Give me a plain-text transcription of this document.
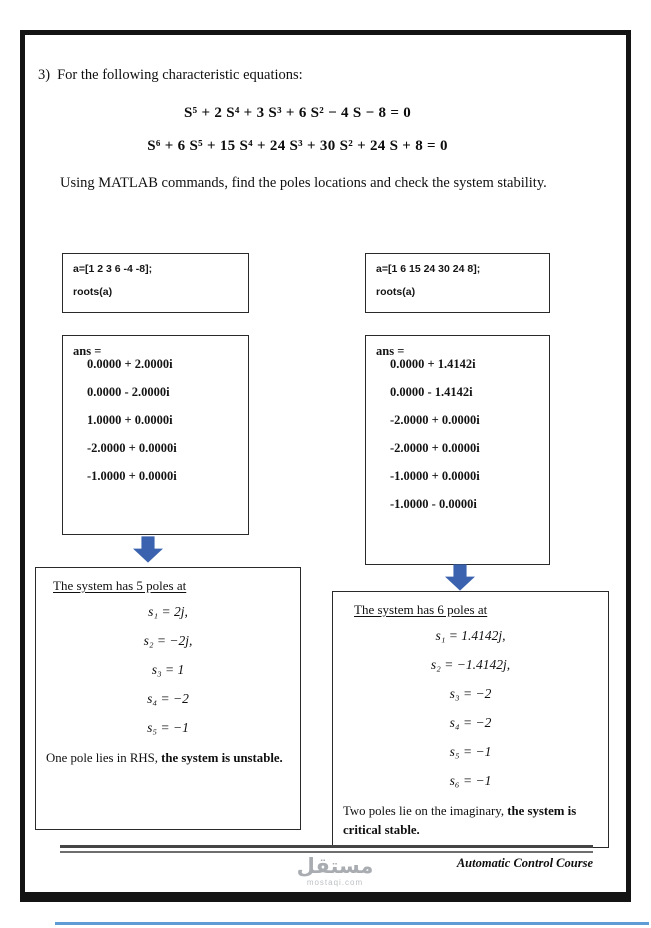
3) For the following characteristic equations:
S⁵ + 2 S⁴ + 3 S³ + 6 S² − 4 S − 8 = 0
S⁶ + 6 S⁵ + 15 S⁴ + 24 S³ + 30 S² + 24 S + 8 = 0

Using MATLAB commands, find the poles locations and check the system stability.

a=[1 2 3 6 -4 -8];
roots(a)
a=[1 6 15 24 30 24 8];
roots(a)
ans =
0.0000 + 2.0000i
0.0000 - 2.0000i
1.0000 + 0.0000i
-2.0000 + 0.0000i
-1.0000 + 0.0000i
ans =
0.0000 + 1.4142i
0.0000 - 1.4142i
-2.0000 + 0.0000i
-2.0000 + 0.0000i
-1.0000 + 0.0000i
-1.0000 - 0.0000i
The system has 5 poles at
s₁ = 2j,
s₂ = −2j,
s₃ = 1
s₄ = −2
s₅ = −1

One pole lies in RHS, the system is unstable.

The system has 6 poles at
s₁ = 1.4142j,
s₂ = −1.4142j,
s₃ = −2
s₄ = −2
s₅ = −1
s₆ = −1

Two poles lie on the imaginary, the system is critical stable.

Automatic Control Course
مستقل
mostaqi.com
